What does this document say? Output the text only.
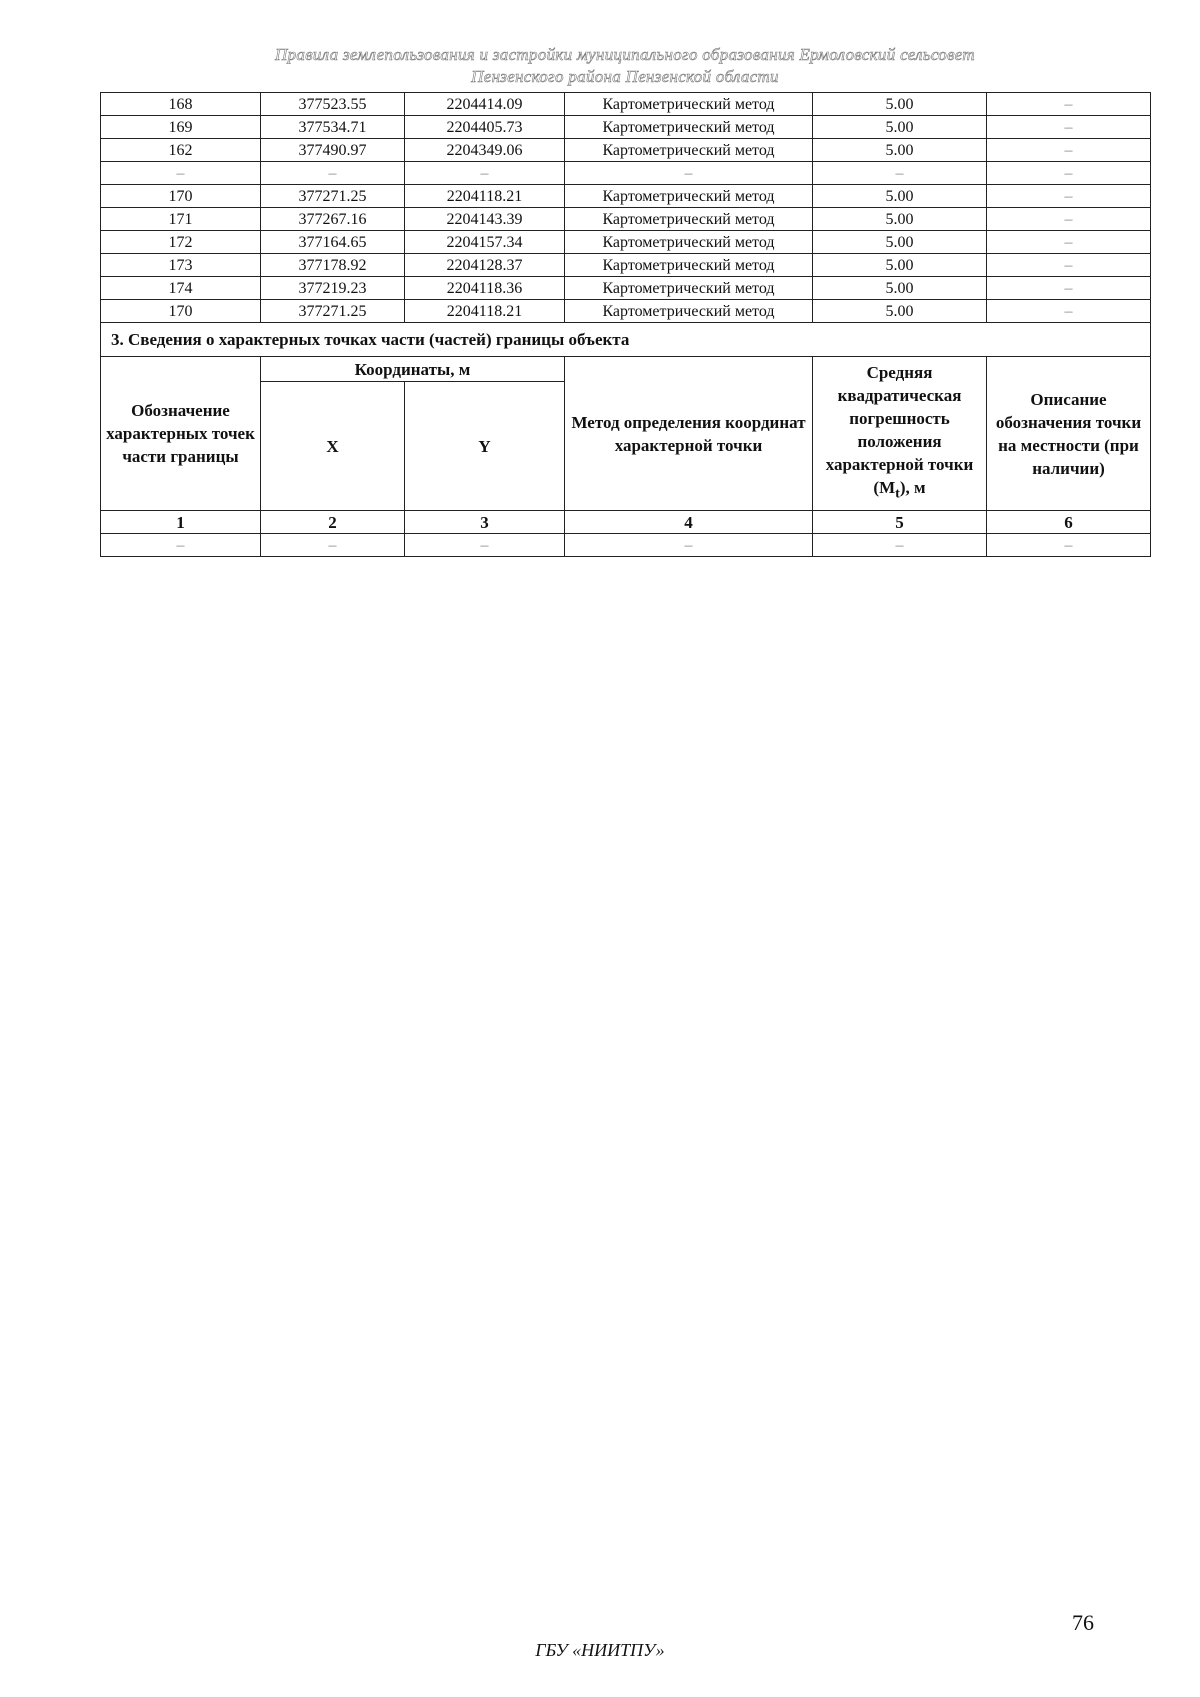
Правила землепользования и застройки муниципального образования Ермоловский сельсовет
Пензенского района Пензенской области
168	377523.55	2204414.09	Картометрический метод	5.00	–
169	377534.71	2204405.73	Картометрический метод	5.00	–
162	377490.97	2204349.06	Картометрический метод	5.00	–
–	–	–	–	–	–
170	377271.25	2204118.21	Картометрический метод	5.00	–
171	377267.16	2204143.39	Картометрический метод	5.00	–
172	377164.65	2204157.34	Картометрический метод	5.00	–
173	377178.92	2204128.37	Картометрический метод	5.00	–
174	377219.23	2204118.36	Картометрический метод	5.00	–
170	377271.25	2204118.21	Картометрический метод	5.00	–
3. Сведения о характерных точках части (частей) границы объекта					
Обозначение характерных точек части границы	Координаты, м		Метод определения координат характерной точки	Средняя квадратическая погрешность положения характерной точки $(M_t)$, м	Описание обозначения точки на местности (при наличии)
	X	Y			
1	2	3	4	5	6
–	–	–	–	–	–
76
ГБУ «НИИТПУ»
